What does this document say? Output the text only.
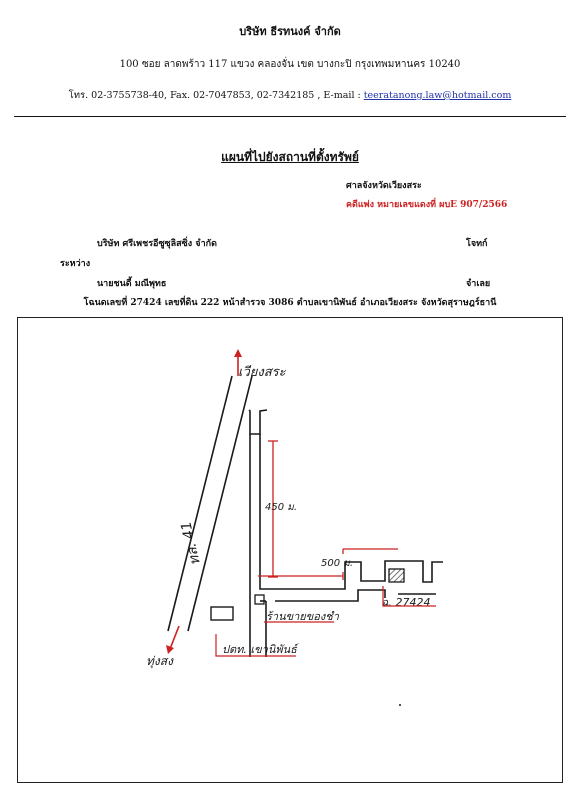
บริษัท ธีรทนงค์ จำกัด
100 ซอย ลาดพร้าว 117 แขวง คลองจั่น เขต บางกะปิ กรุงเทพมหานคร 10240
โทร. 02-3755738-40, Fax. 02-7047853, 02-7342185 , E-mail : teeratanong.law@hotmail.com
แผนที่ไปยังสถานที่ตั้งทรัพย์
ศาลจังหวัดเวียงสระ
คดีแพ่ง หมายเลขแดงที่ ผบE 907/2566
บริษัท ศรีเพชรอีซูซุลิสซิ่ง จำกัด	โจทก์
ระหว่าง
นายชนดี้ มณีพุทธ	จำเลย
โฉนดเลขที่ 27424 เลขที่ดิน 222 หน้าสำรวจ 3086 ตำบลเขานิพันธ์ อำเภอเวียงสระ จังหวัดสุราษฎร์ธานี
เวียงสระ
ทุ่งสง
ทล. 41
450 ม.
500 ม.
ร้านขายของชำ
ปตท. เขานิพันธ์
ฉ. 27424
